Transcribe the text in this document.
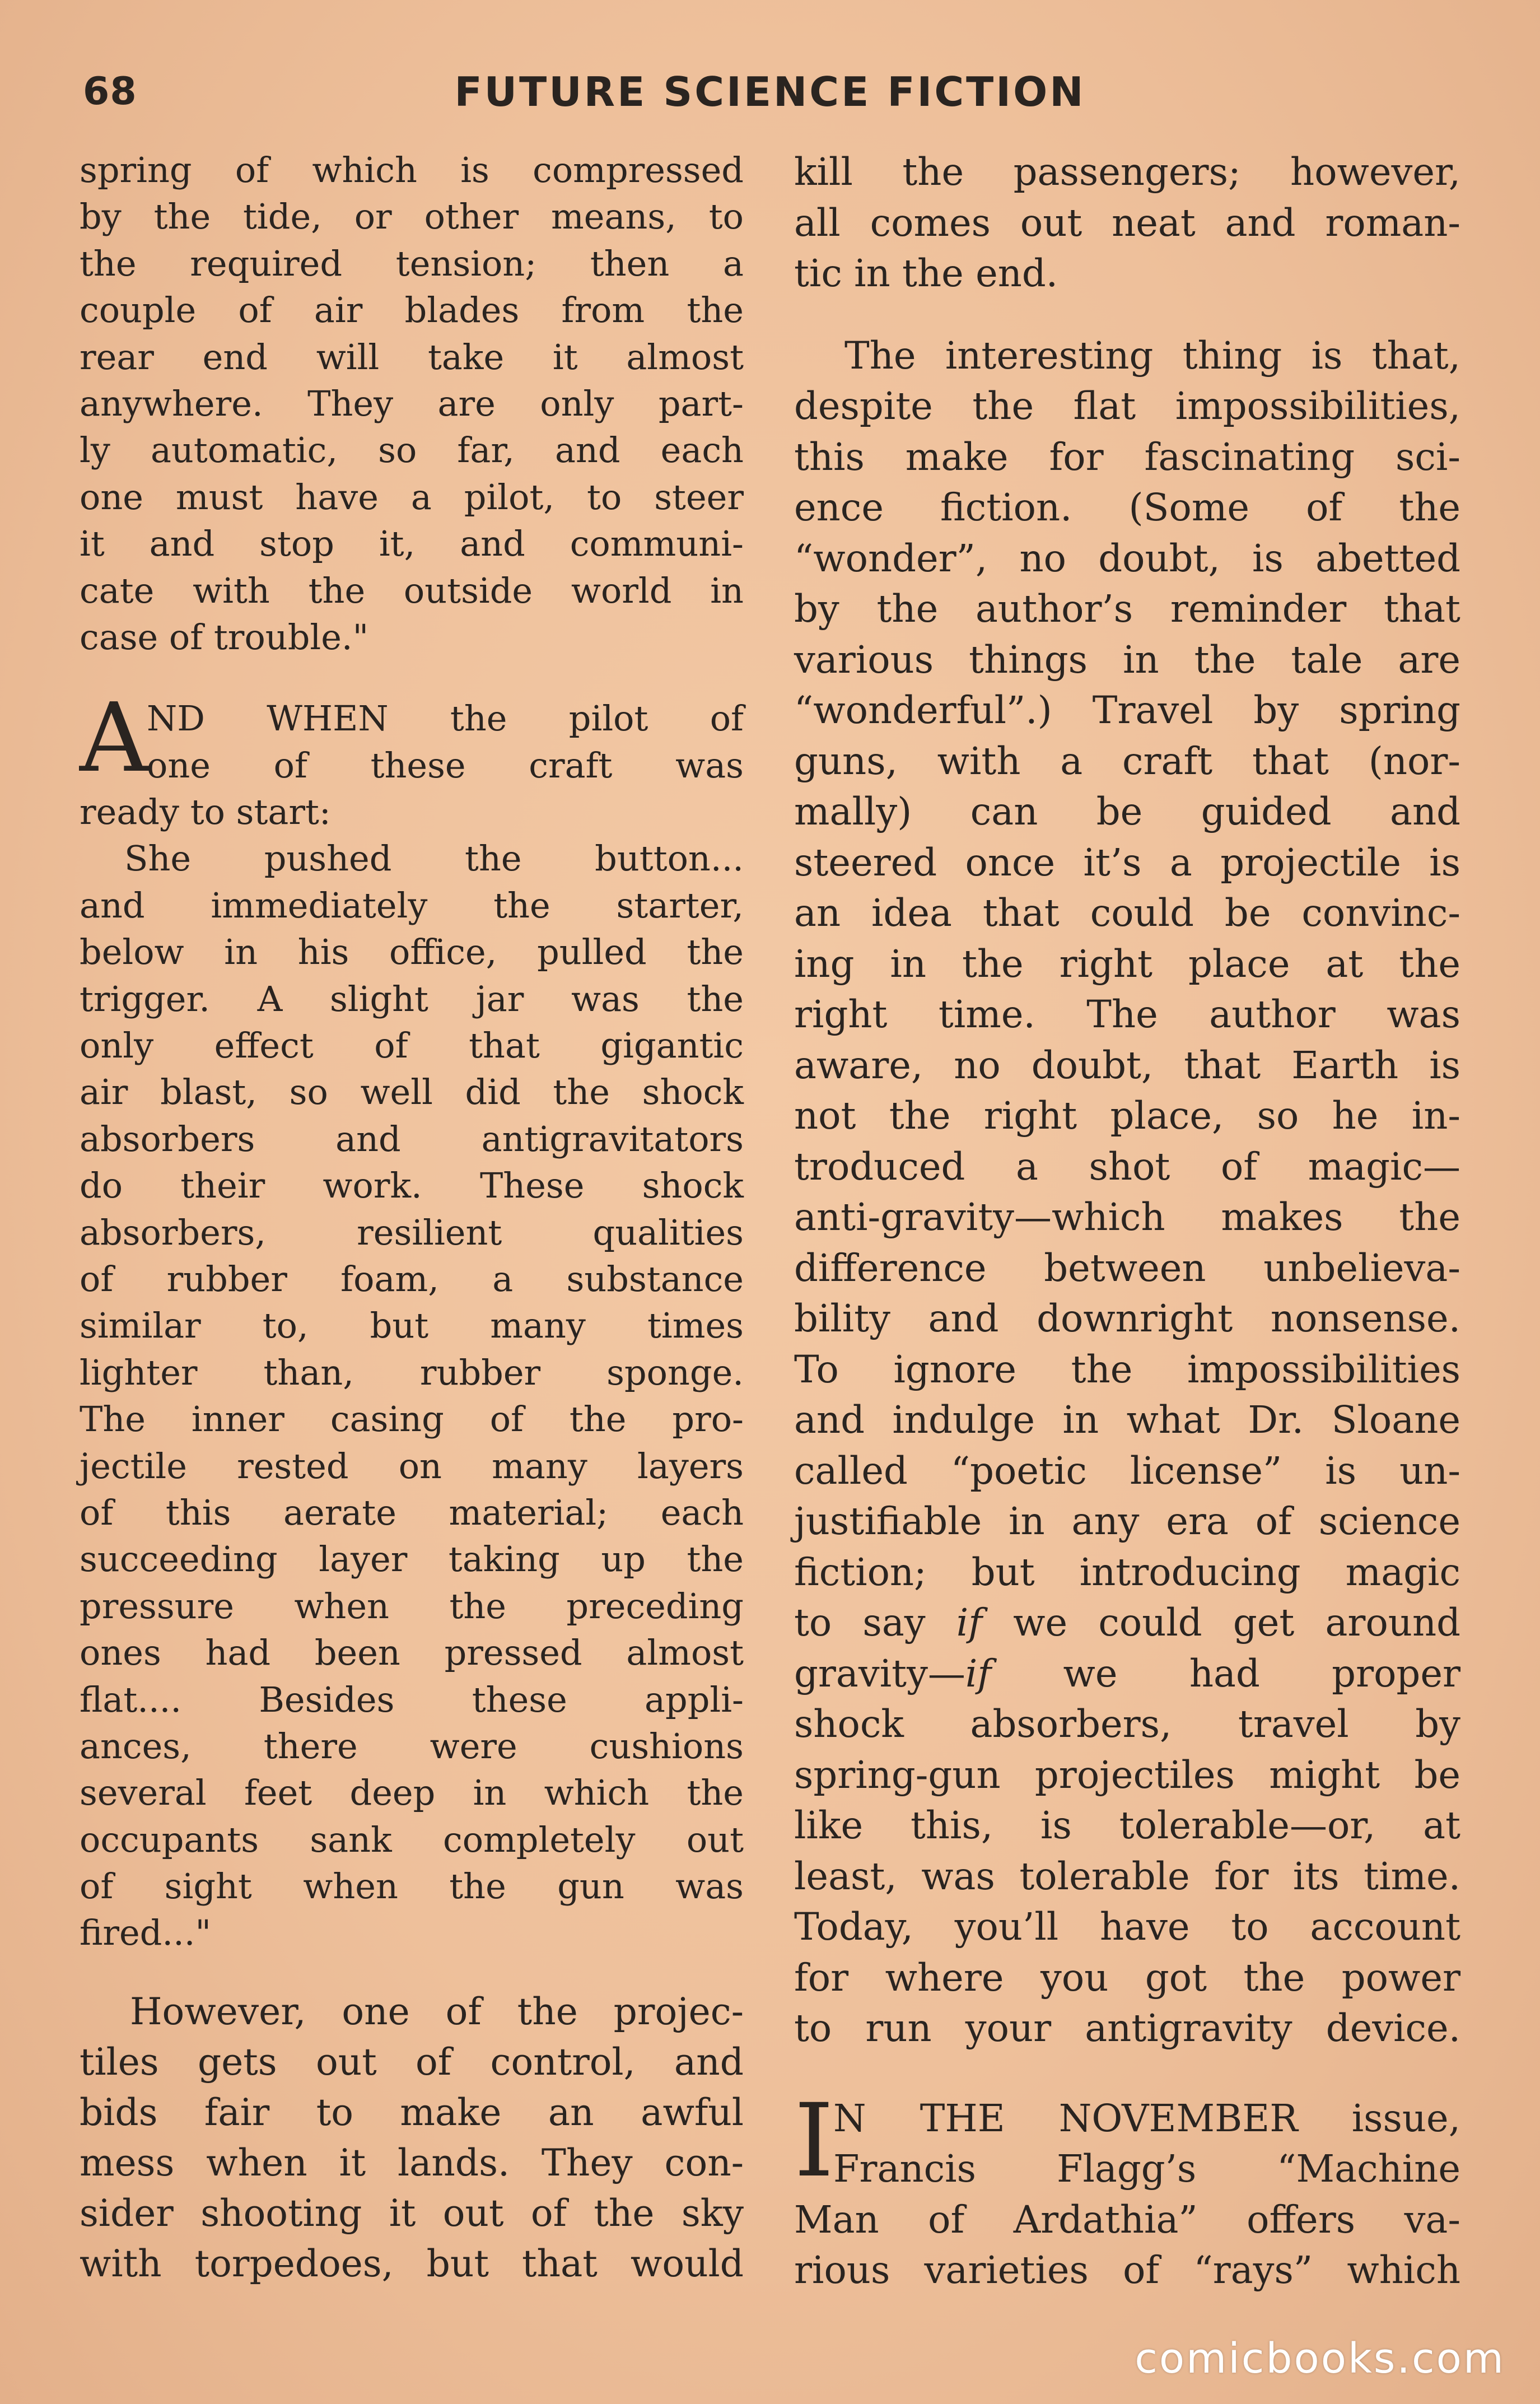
68	FUTURE SCIENCE FICTION
spring of which is compressed
by the tide, or other means, to
the required tension; then a
couple of air blades from the
rear end will take it almost
anywhere. They are only part-
ly automatic, so far, and each
one must have a pilot, to steer
it and stop it, and communi-
cate with the outside world in
case of trouble."
A
ND WHEN the pilot of
one of these craft was
ready to start:
She pushed the button...
and immediately the starter,
below in his office, pulled the
trigger. A slight jar was the
only effect of that gigantic
air blast, so well did the shock
absorbers and antigravitators
do their work. These shock
absorbers, resilient qualities
of rubber foam, a substance
similar to, but many times
lighter than, rubber sponge.
The inner casing of the pro-
jectile rested on many layers
of this aerate material; each
succeeding layer taking up the
pressure when the preceding
ones had been pressed almost
flat.... Besides these appli-
ances, there were cushions
several feet deep in which the
occupants sank completely out
of sight when the gun was
fired..."
However, one of the projec-
tiles gets out of control, and
bids fair to make an awful
mess when it lands. They con-
sider shooting it out of the sky
with torpedoes, but that would
kill the passengers; however,
all comes out neat and roman-
tic in the end.
The interesting thing is that,
despite the flat impossibilities,
this make for fascinating sci-
ence fiction. (Some of the
“wonder”, no doubt, is abetted
by the author’s reminder that
various things in the tale are
“wonderful”.) Travel by spring
guns, with a craft that (nor-
mally) can be guided and
steered once it’s a projectile is
an idea that could be convinc-
ing in the right place at the
right time. The author was
aware, no doubt, that Earth is
not the right place, so he in-
troduced a shot of magic—
anti-gravity—which makes the
difference between unbelieva-
bility and downright nonsense.
To ignore the impossibilities
and indulge in what Dr. Sloane
called “poetic license” is un-
justifiable in any era of science
fiction; but introducing magic
to say if we could get around
gravity—if we had proper
shock absorbers, travel by
spring-gun projectiles might be
like this, is tolerable—or, at
least, was tolerable for its time.
Today, you’ll have to account
for where you got the power
to run your antigravity device.
I
N THE NOVEMBER issue,
Francis Flagg’s “Machine
Man of Ardathia” offers va-
rious varieties of “rays” which
comicbooks.com
